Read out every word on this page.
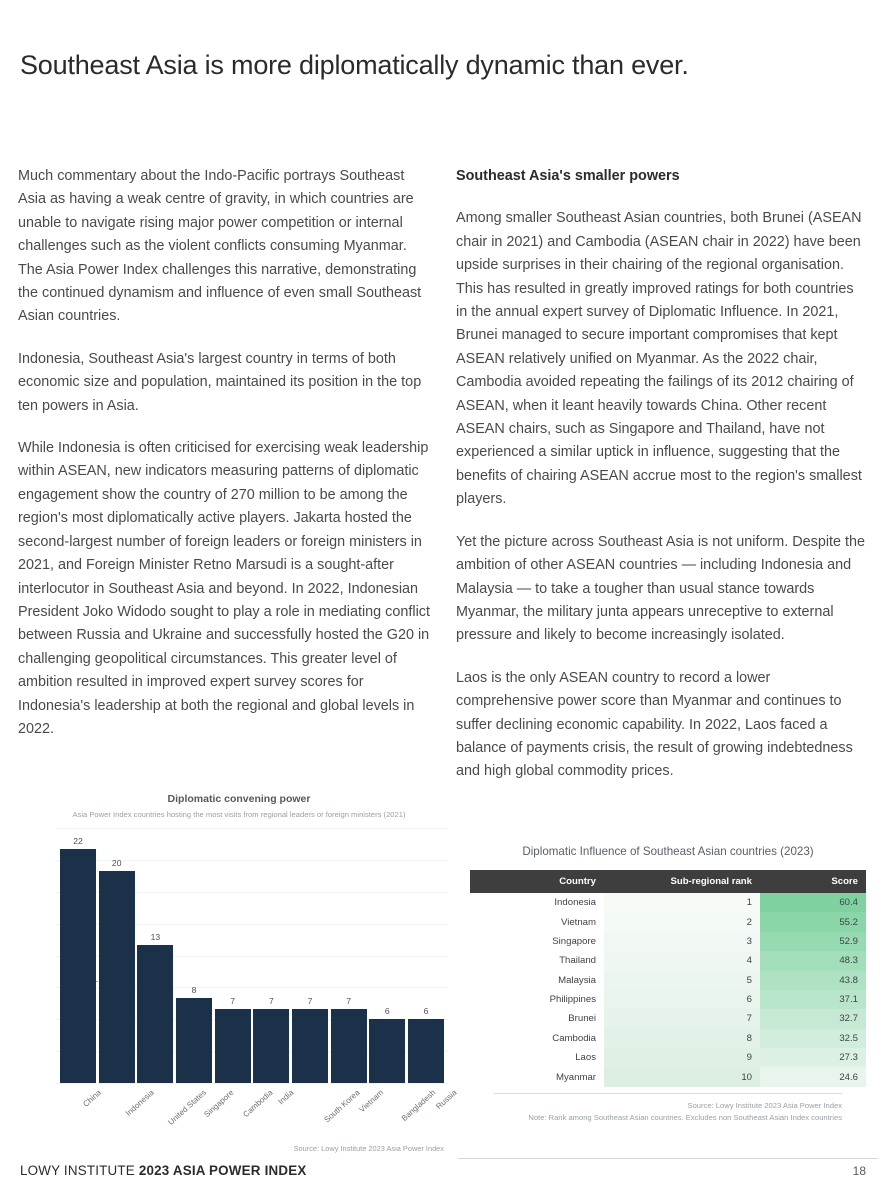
Southeast Asia is more diplomatically dynamic than ever.

Much commentary about the Indo-Pacific portrays Southeast Asia as having a weak centre of gravity, in which countries are unable to navigate rising major power competition or internal challenges such as the violent conflicts consuming Myanmar. The Asia Power Index challenges this narrative, demonstrating the continued dynamism and influence of even small Southeast Asian countries.

Indonesia, Southeast Asia's largest country in terms of both economic size and population, maintained its position in the top ten powers in Asia.

While Indonesia is often criticised for exercising weak leadership within ASEAN, new indicators measuring patterns of diplomatic engagement show the country of 270 million to be among the region's most diplomatically active players. Jakarta hosted the second-largest number of foreign leaders or foreign ministers in 2021, and Foreign Minister Retno Marsudi is a sought-after interlocutor in Southeast Asia and beyond. In 2022, Indonesian President Joko Widodo sought to play a role in mediating conflict between Russia and Ukraine and successfully hosted the G20 in challenging geopolitical circumstances. This greater level of ambition resulted in improved expert survey scores for Indonesia's leadership at both the regional and global levels in 2022.

Southeast Asia's smaller powers

Among smaller Southeast Asian countries, both Brunei (ASEAN chair in 2021) and Cambodia (ASEAN chair in 2022) have been upside surprises in their chairing of the regional organisation. This has resulted in greatly improved ratings for both countries in the annual expert survey of Diplomatic Influence. In 2021, Brunei managed to secure important compromises that kept ASEAN relatively unified on Myanmar. As the 2022 chair, Cambodia avoided repeating the failings of its 2012 chairing of ASEAN, when it leant heavily towards China. Other recent ASEAN chairs, such as Singapore and Thailand, have not experienced a similar uptick in influence, suggesting that the benefits of chairing ASEAN accrue most to the region's smallest players.

Yet the picture across Southeast Asia is not uniform. Despite the ambition of other ASEAN countries — including Indonesia and Malaysia — to take a tougher than usual stance towards Myanmar, the military junta appears unreceptive to external pressure and likely to become increasingly isolated.

Laos is the only ASEAN country to record a lower comprehensive power score than Myanmar and continues to suffer declining economic capability. In 2022, Laos faced a balance of payments crisis, the result of growing indebtedness and high global commodity prices.

Diplomatic convening power
Asia Power Index countries hosting the most visits from regional leaders or foreign ministers (2021)
22
20
13
8
7	7	7	7
6	6
China	Indonesia United States
Singapore Cambodia India	South Korea
Vietnam Bangladesh
Russia
Source: Lowy Institute 2023 Asia Power Index
Diplomatic Influence of Southeast Asian countries (2023)
Country	Sub-regional rank	Score
Indonesia	1	60.4
Vietnam	2	55.2
Singapore	3	52.9
Thailand	4	48.3
Malaysia	5	43.8
Philippines	6	37.1
Brunei	7	32.7
Cambodia	8	32.5
Laos	9	27.3
Myanmar	10	24.6
Source: Lowy Institute 2023 Asia Power Index
Note: Rank among Southeast Asian countries. Excludes non Southeast Asian Index countries
LOWY INSTITUTE 2023 ASIA POWER INDEX	18
